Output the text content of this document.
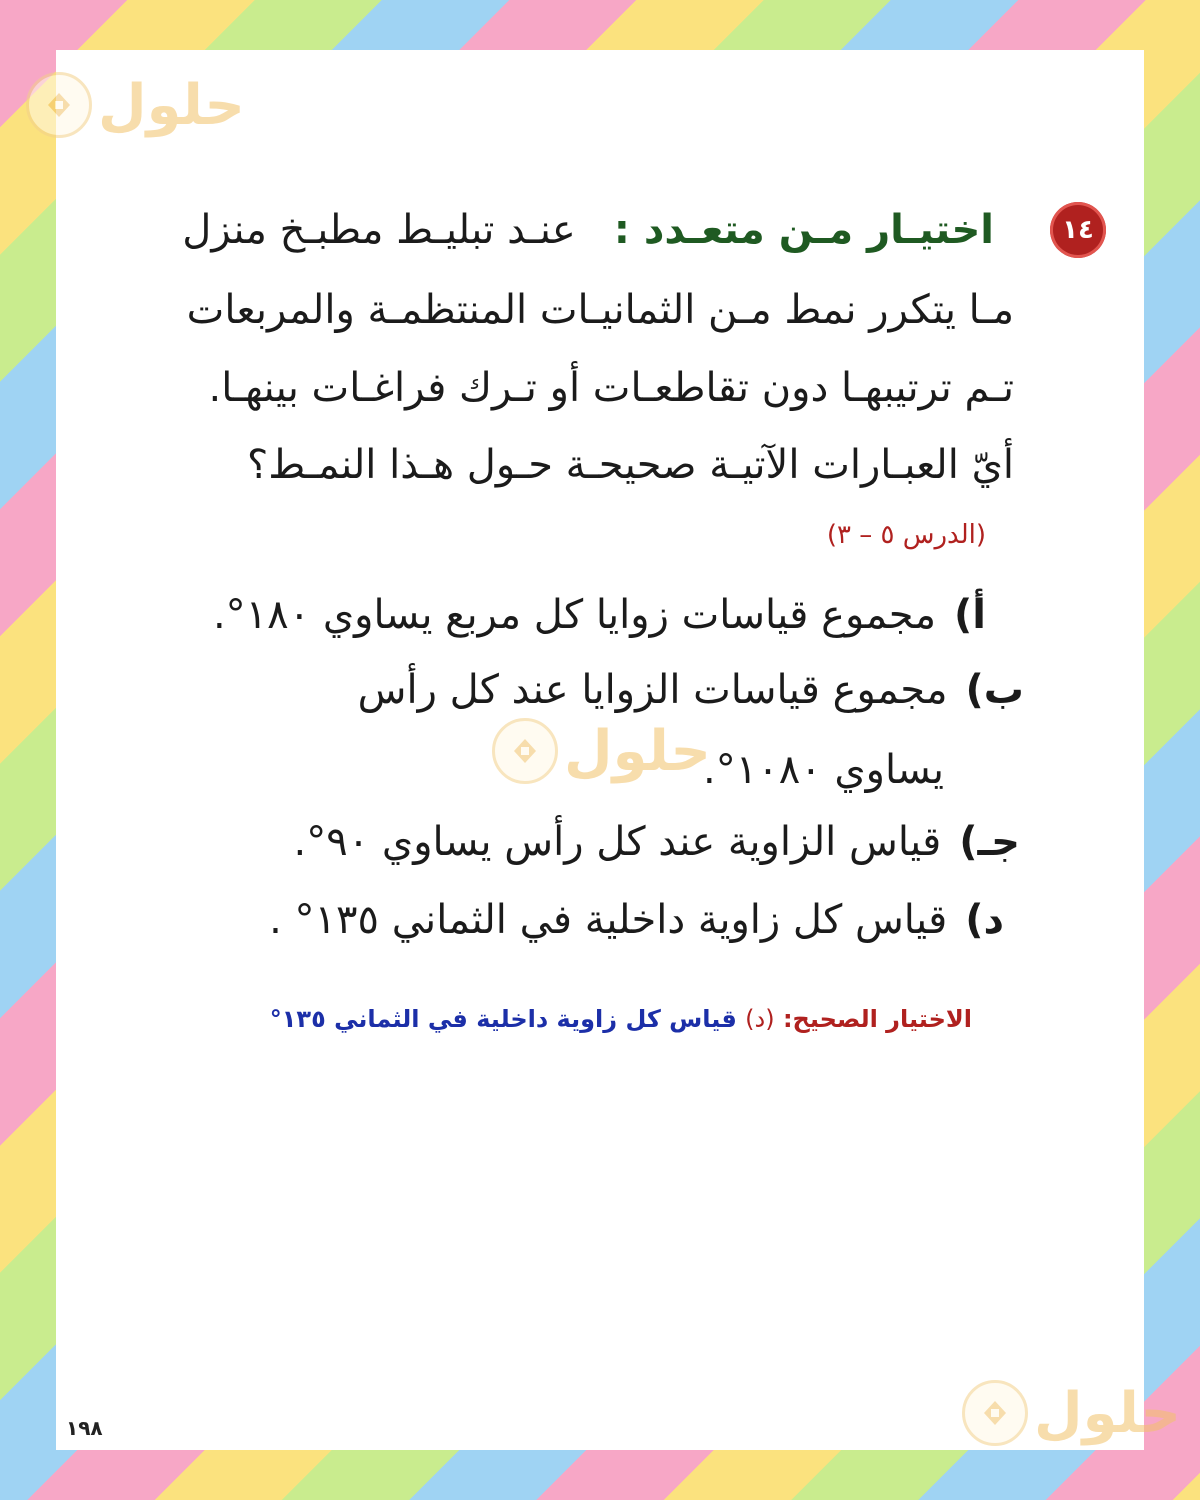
حلول
١٤
اختيـار مـن متعـدد :   عنـد تبليـط مطبـخ منزل
مـا يتكرر نمط مـن الثمانيـات المنتظمـة والمربعات
تـم ترتيبهـا دون تقاطعـات أو تـرك فراغـات بينهـا.
أيّ العبـارات الآتيـة صحيحـة حـول هـذا النمـط؟
(الدرس ٥ – ٣)
أ)مجموع قياسات زوايا كل مربع يساوي ١٨٠°.
ب)مجموع قياسات الزوايا عند كل رأس
يساوي ١٠٨٠°.
جـ)قياس الزاوية عند كل رأس يساوي ٩٠°.
د)قياس كل زاوية داخلية في الثماني ١٣٥° .
الاختيار الصحيح: (د) قياس كل زاوية داخلية في الثماني ١٣٥°
حلول
حلول
١٩٨
